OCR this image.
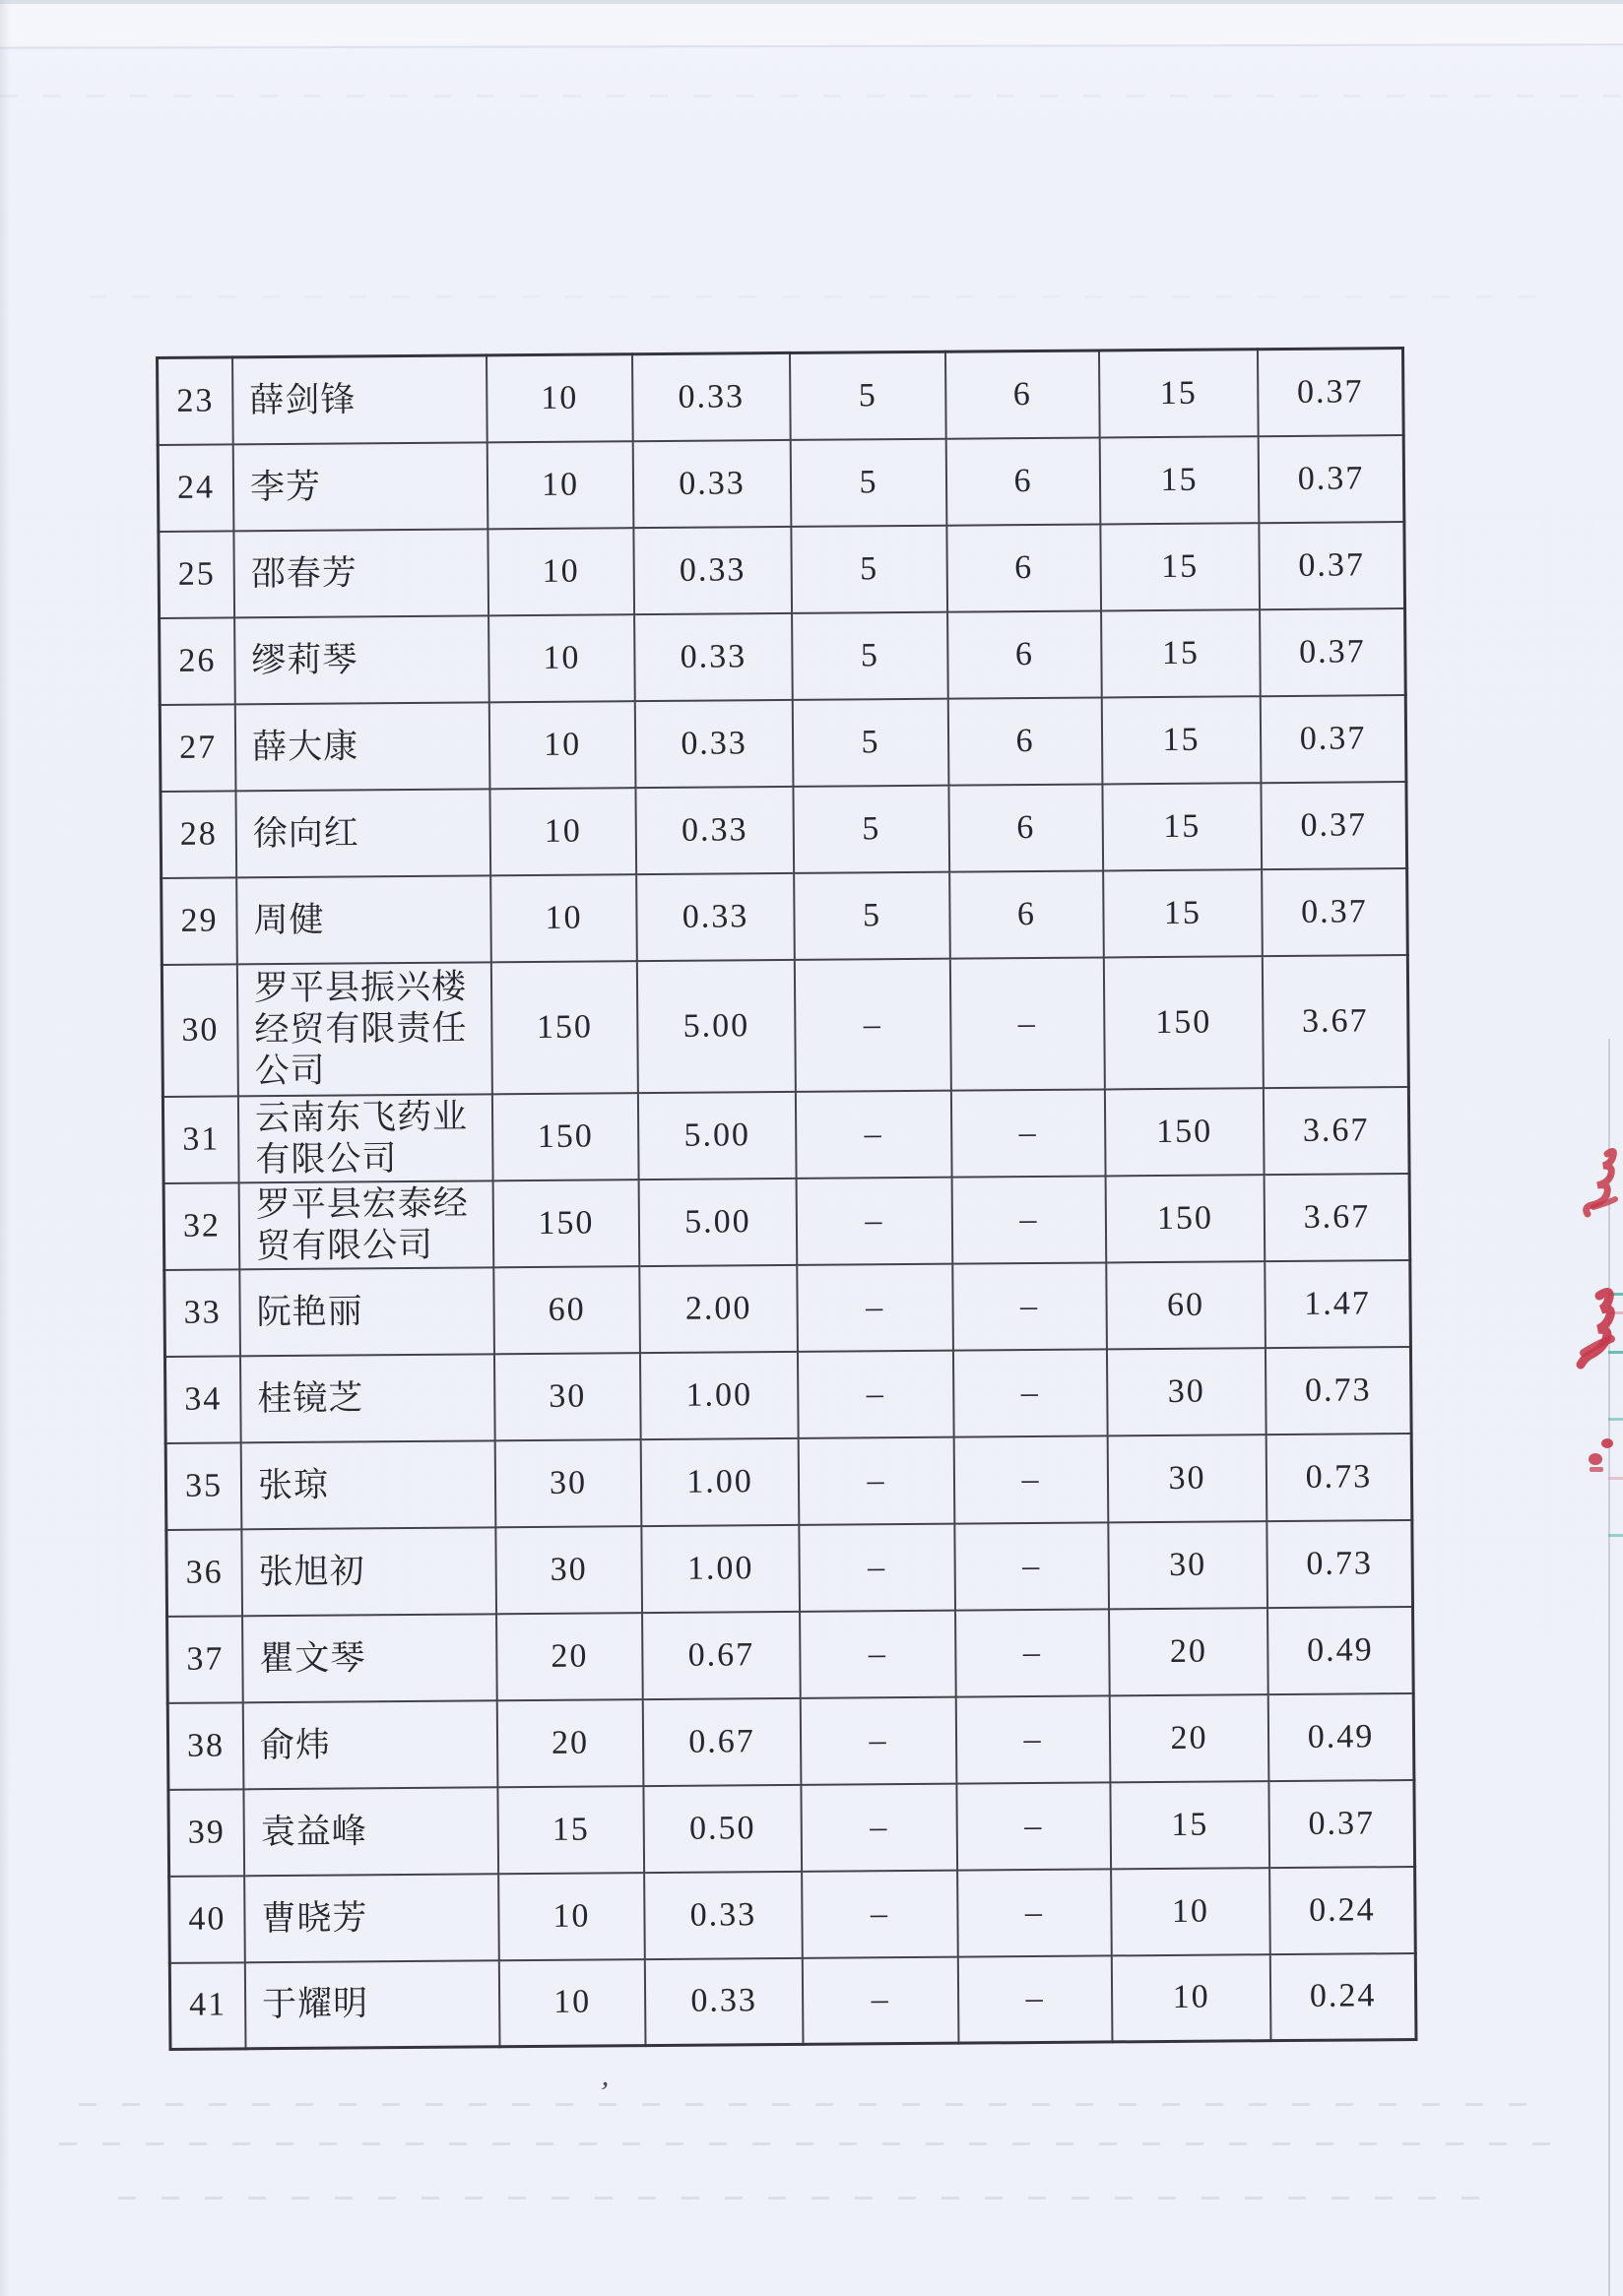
23	薛剑锋	10	0.33	5	6	15	0.37
24	李芳	10	0.33	5	6	15	0.37
25	邵春芳	10	0.33	5	6	15	0.37
26	缪莉琴	10	0.33	5	6	15	0.37
27	薛大康	10	0.33	5	6	15	0.37
28	徐向红	10	0.33	5	6	15	0.37
29	周健	10	0.33	5	6	15	0.37
30	罗平县振兴楼经贸有限责任公司	150	5.00	–	–	150	3.67
31	云南东飞药业有限公司	150	5.00	–	–	150	3.67
32	罗平县宏泰经贸有限公司	150	5.00	–	–	150	3.67
33	阮艳丽	60	2.00	–	–	60	1.47
34	桂镜芝	30	1.00	–	–	30	0.73
35	张琼	30	1.00	–	–	30	0.73
36	张旭初	30	1.00	–	–	30	0.73
37	瞿文琴	20	0.67	–	–	20	0.49
38	俞炜	20	0.67	–	–	20	0.49
39	袁益峰	15	0.50	–	–	15	0.37
40	曹晓芳	10	0.33	–	–	10	0.24
41	于耀明	10	0.33	–	–	10	0.24
,
